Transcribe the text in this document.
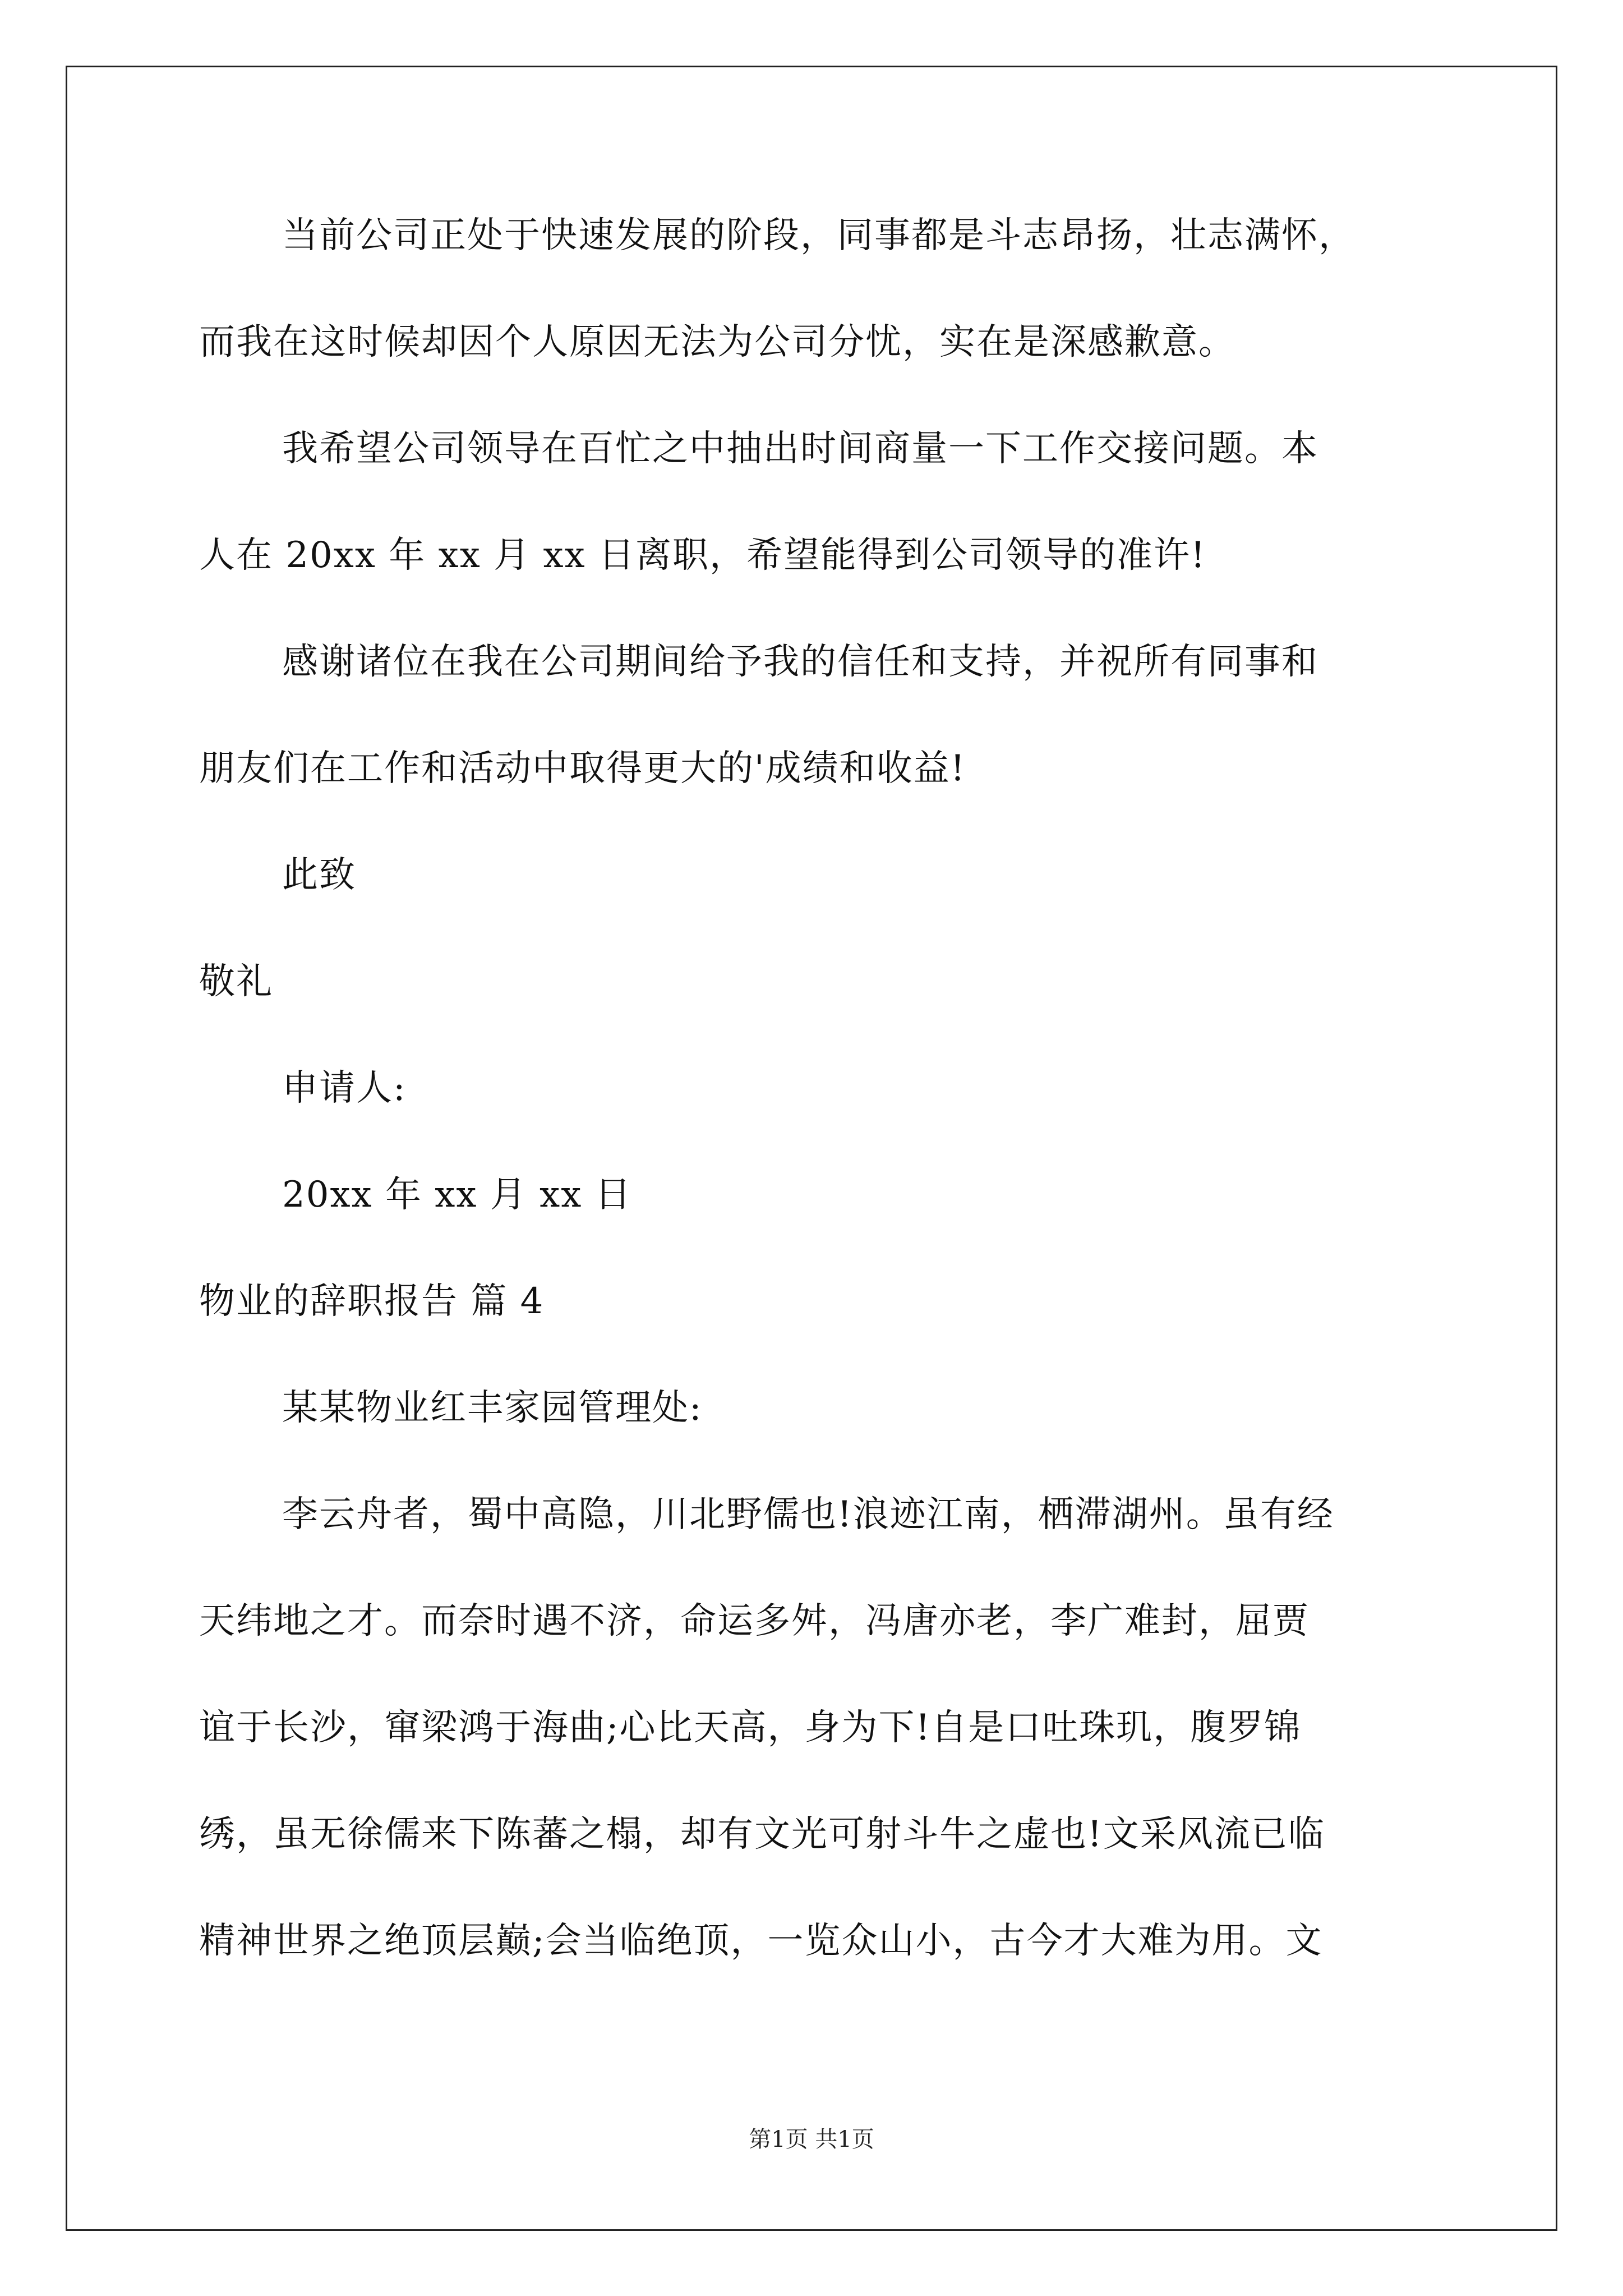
当前公司正处于快速发展的阶段，同事都是斗志昂扬，壮志满怀，
而我在这时候却因个人原因无法为公司分忧，实在是深感歉意。
我希望公司领导在百忙之中抽出时间商量一下工作交接问题。本
人在 20xx 年 xx 月 xx 日离职，希望能得到公司领导的准许!
感谢诸位在我在公司期间给予我的信任和支持，并祝所有同事和
朋友们在工作和活动中取得更大的'成绩和收益!
此致
敬礼
申请人:
20xx 年 xx 月 xx 日
物业的辞职报告 篇 4
某某物业红丰家园管理处:
李云舟者，蜀中高隐，川北野儒也!浪迹江南，栖滞湖州。虽有经
天纬地之才。而奈时遇不济，命运多舛，冯唐亦老，李广难封，屈贾
谊于长沙，窜梁鸿于海曲;心比天高，身为下!自是口吐珠玑，腹罗锦
绣，虽无徐儒来下陈蕃之榻，却有文光可射斗牛之虚也!文采风流已临
精神世界之绝顶层巅;会当临绝顶，一览众山小，古今才大难为用。文
第1页 共1页
